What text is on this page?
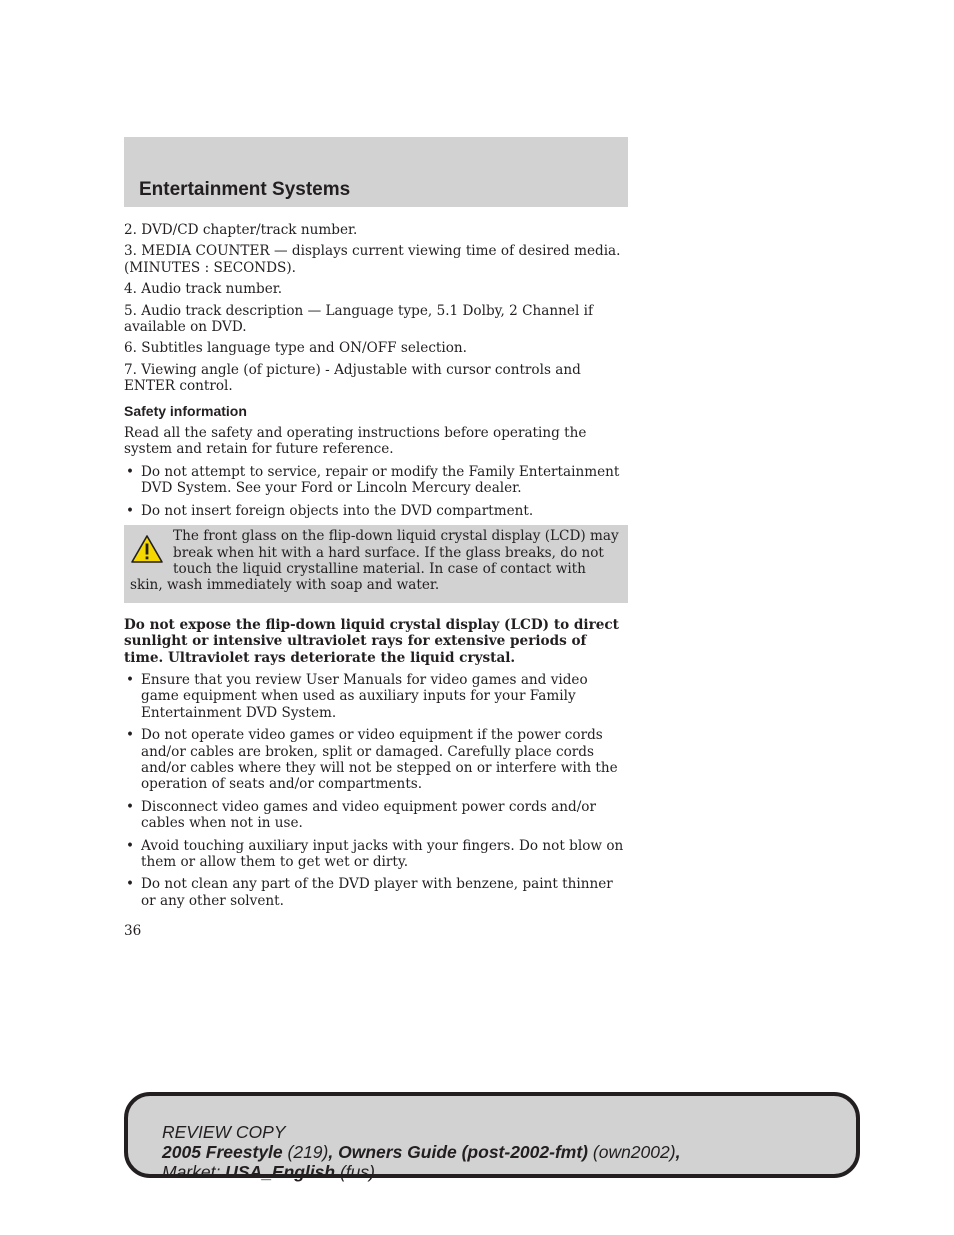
Entertainment Systems

2. DVD/CD chapter/track number.

3. MEDIA COUNTER — displays current viewing time of desired media. (MINUTES : SECONDS).

4. Audio track number.

5. Audio track description — Language type, 5.1 Dolby, 2 Channel if available on DVD.

6. Subtitles language type and ON/OFF selection.

7. Viewing angle (of picture) - Adjustable with cursor controls and ENTER control.

Safety information

Read all the safety and operating instructions before operating the system and retain for future reference.

• Do not attempt to service, repair or modify the Family Entertainment DVD System. See your Ford or Lincoln Mercury dealer.
• Do not insert foreign objects into the DVD compartment.

The front glass on the flip-down liquid crystal display (LCD) may break when hit with a hard surface. If the glass breaks, do not touch the liquid crystalline material. In case of contact with skin, wash immediately with soap and water.

Do not expose the flip-down liquid crystal display (LCD) to direct sunlight or intensive ultraviolet rays for extensive periods of time. Ultraviolet rays deteriorate the liquid crystal.

• Ensure that you review User Manuals for video games and video game equipment when used as auxiliary inputs for your Family Entertainment DVD System.
• Do not operate video games or video equipment if the power cords and/or cables are broken, split or damaged. Carefully place cords and/or cables where they will not be stepped on or interfere with the operation of seats and/or compartments.
• Disconnect video games and video equipment power cords and/or cables when not in use.
• Avoid touching auxiliary input jacks with your fingers. Do not blow on them or allow them to get wet or dirty.
• Do not clean any part of the DVD player with benzene, paint thinner or any other solvent.

36

REVIEW COPY
2005 Freestyle (219), Owners Guide (post-2002-fmt) (own2002),
Market: USA_English (fus)
